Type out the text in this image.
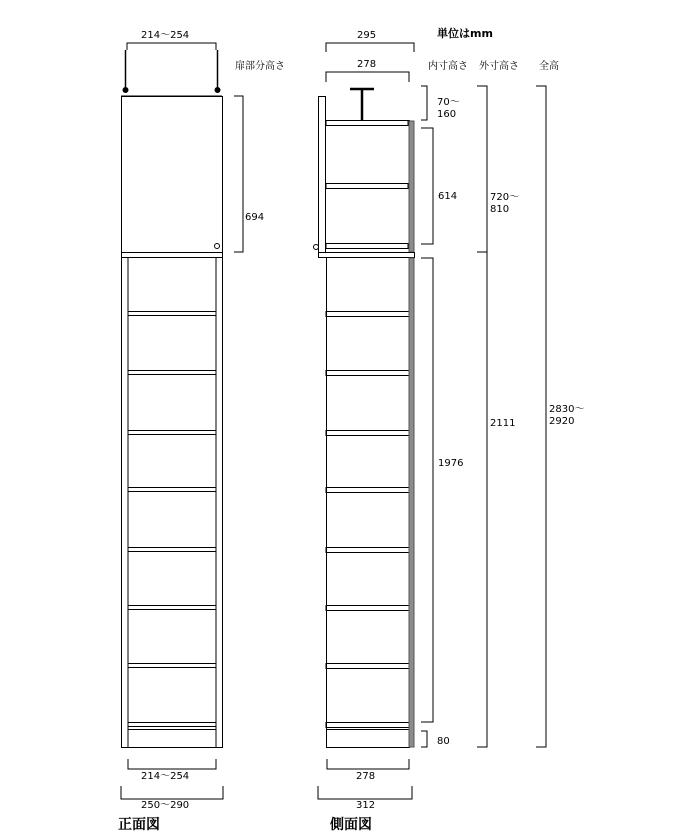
単位はmm
扉部分高さ	内寸高さ 外寸高さ 全高
214〜254
694
214〜254
250〜290
正面図
295
278
278
312
側面図
70〜
160
614
1976
80
720〜
810
2111
2830〜
2920
